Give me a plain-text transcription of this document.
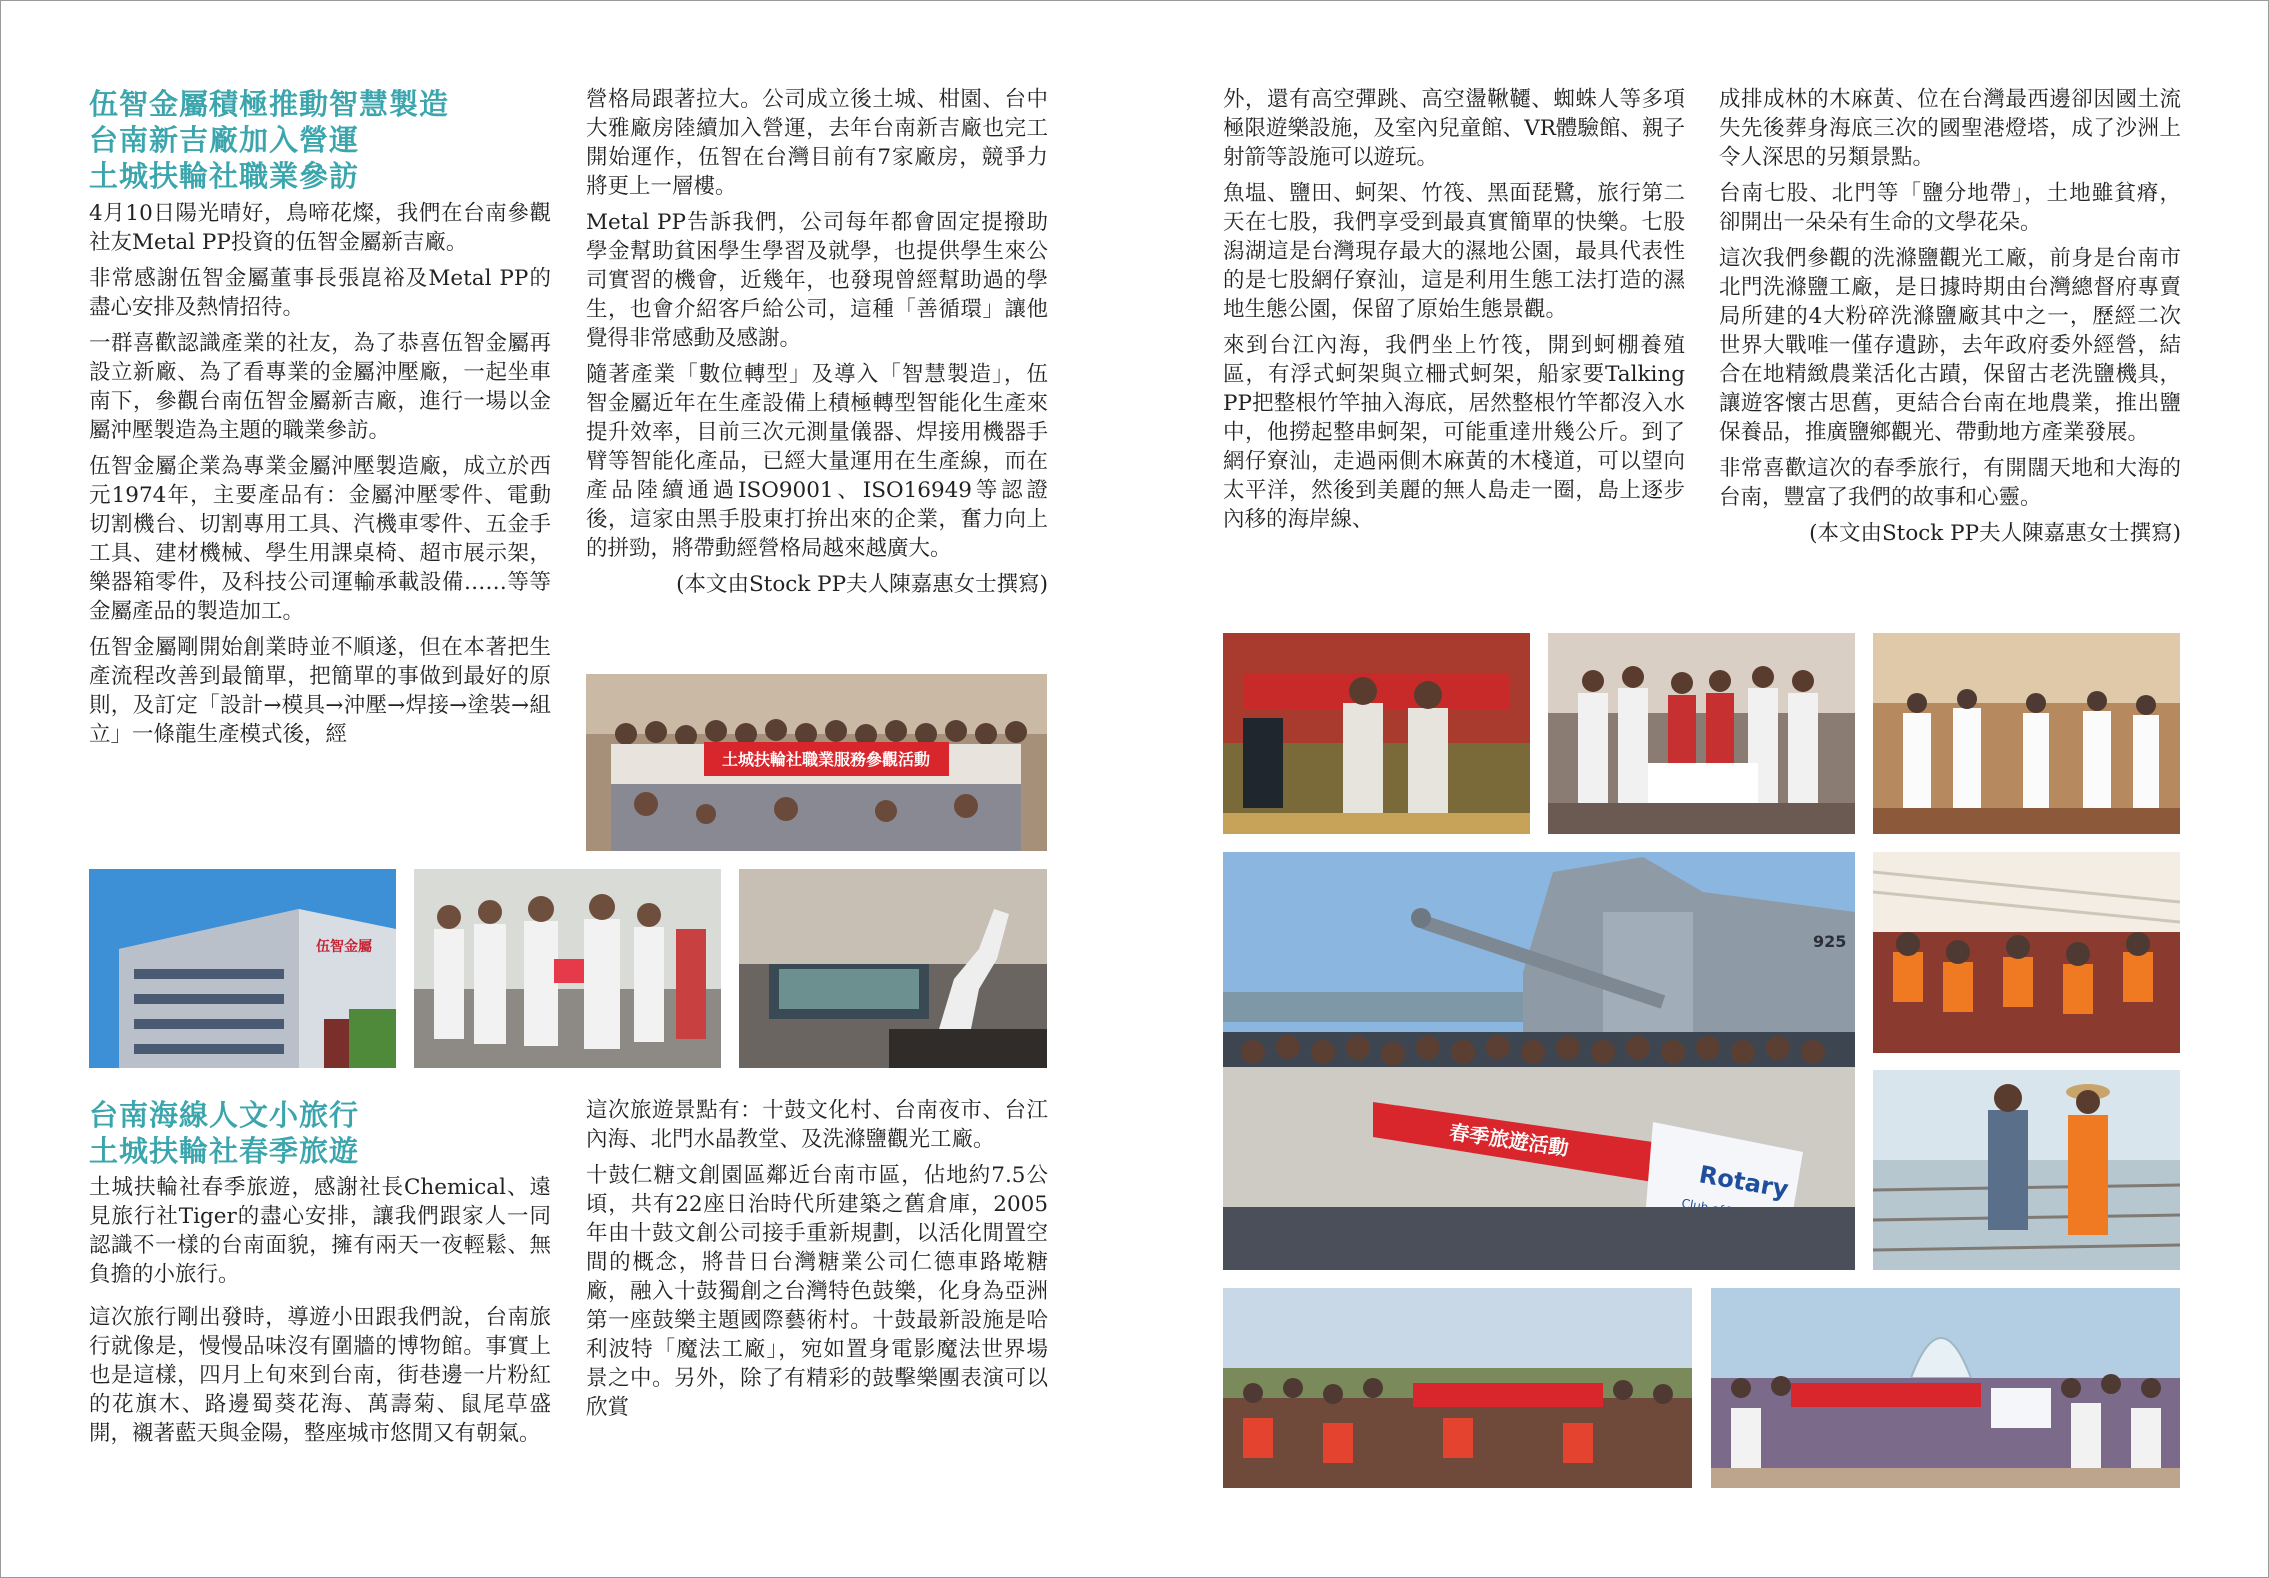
伍智金屬積極推動智慧製造
台南新吉廠加入營運
土城扶輪社職業參訪

4月10日陽光晴好，鳥啼花燦，我們在台南參觀社友Metal PP投資的伍智金屬新吉廠。

非常感謝伍智金屬董事長張崑裕及Metal PP的盡心安排及熱情招待。

一群喜歡認識產業的社友，為了恭喜伍智金屬再設立新廠、為了看專業的金屬沖壓廠，一起坐車南下，參觀台南伍智金屬新吉廠，進行一場以金屬沖壓製造為主題的職業參訪。

伍智金屬企業為專業金屬沖壓製造廠，成立於西元1974年，主要產品有：金屬沖壓零件、電動切割機台、切割專用工具、汽機車零件、五金手工具、建材機械、學生用課桌椅、超市展示架，樂器箱零件，及科技公司運輸承載設備……等等金屬產品的製造加工。

伍智金屬剛開始創業時並不順遂，但在本著把生產流程改善到最簡單，把簡單的事做到最好的原則，及訂定「設計→模具→沖壓→焊接→塗裝→組立」一條龍生產模式後，經

營格局跟著拉大。公司成立後土城、柑園、台中大雅廠房陸續加入營運，去年台南新吉廠也完工開始運作，伍智在台灣目前有7家廠房，競爭力將更上一層樓。

Metal PP告訴我們，公司每年都會固定提撥助學金幫助貧困學生學習及就學，也提供學生來公司實習的機會，近幾年，也發現曾經幫助過的學生，也會介紹客戶給公司，這種「善循環」讓他覺得非常感動及感謝。

隨著產業「數位轉型」及導入「智慧製造」，伍智金屬近年在生產設備上積極轉型智能化生產來提升效率，目前三次元測量儀器、焊接用機器手臂等智能化產品，已經大量運用在生產線，而在產品陸續通過ISO9001、ISO16949等認證後，這家由黑手股東打拚出來的企業，奮力向上的拼勁，將帶動經營格局越來越廣大。

(本文由Stock PP夫人陳嘉惠女士撰寫)
土城扶輪社職業服務參觀活動
伍智金屬
台南海線人文小旅行
土城扶輪社春季旅遊

土城扶輪社春季旅遊，感謝社長Chemical、遠見旅行社Tiger的盡心安排，讓我們跟家人一同認識不一樣的台南面貌，擁有兩天一夜輕鬆、無負擔的小旅行。

這次旅行剛出發時，導遊小田跟我們說，台南旅行就像是，慢慢品味沒有圍牆的博物館。事實上也是這樣，四月上旬來到台南，街巷邊一片粉紅的花旗木、路邊蜀葵花海、萬壽菊、鼠尾草盛開，襯著藍天與金陽，整座城市悠閒又有朝氣。

這次旅遊景點有：十鼓文化村、台南夜市、台江內海、北門水晶教堂、及洗滌鹽觀光工廠。

十鼓仁糖文創園區鄰近台南市區，佔地約7.5公頃，共有22座日治時代所建築之舊倉庫，2005年由十鼓文創公司接手重新規劃，以活化閒置空間的概念，將昔日台灣糖業公司仁德車路墘糖廠，融入十鼓獨創之台灣特色鼓樂，化身為亞洲第一座鼓樂主題國際藝術村。十鼓最新設施是哈利波特「魔法工廠」，宛如置身電影魔法世界場景之中。另外，除了有精彩的鼓擊樂團表演可以欣賞

外，還有高空彈跳、高空盪鞦韆、蜘蛛人等多項極限遊樂設施，及室內兒童館、VR體驗館、親子射箭等設施可以遊玩。

魚塭、鹽田、蚵架、竹筏、黑面琵鷺，旅行第二天在七股，我們享受到最真實簡單的快樂。七股潟湖這是台灣現存最大的濕地公園，最具代表性的是七股網仔寮汕，這是利用生態工法打造的濕地生態公園，保留了原始生態景觀。

來到台江內海，我們坐上竹筏，開到蚵棚養殖區，有浮式蚵架與立柵式蚵架，船家要Talking PP把整根竹竿抽入海底，居然整根竹竿都沒入水中，他撈起整串蚵架，可能重達卅幾公斤。到了網仔寮汕，走過兩側木麻黃的木棧道，可以望向太平洋，然後到美麗的無人島走一圈，島上逐步內移的海岸線、

成排成林的木麻黃、位在台灣最西邊卻因國土流失先後葬身海底三次的國聖港燈塔，成了沙洲上令人深思的另類景點。

台南七股、北門等「鹽分地帶」，土地雖貧瘠，卻開出一朵朵有生命的文學花朵。

這次我們參觀的洗滌鹽觀光工廠，前身是台南市北門洗滌鹽工廠，是日據時期由台灣總督府專賣局所建的4大粉碎洗滌鹽廠其中之一，歷經二次世界大戰唯一僅存遺跡，去年政府委外經營，結合在地精緻農業活化古蹟，保留古老洗鹽機具，讓遊客懷古思舊，更結合台南在地農業，推出鹽保養品，推廣鹽鄉觀光、帶動地方產業發展。

非常喜歡這次的春季旅行，有開闊天地和大海的台南，豐富了我們的故事和心靈。

(本文由Stock PP夫人陳嘉惠女士撰寫)
925
春季旅遊活動
Rotary
